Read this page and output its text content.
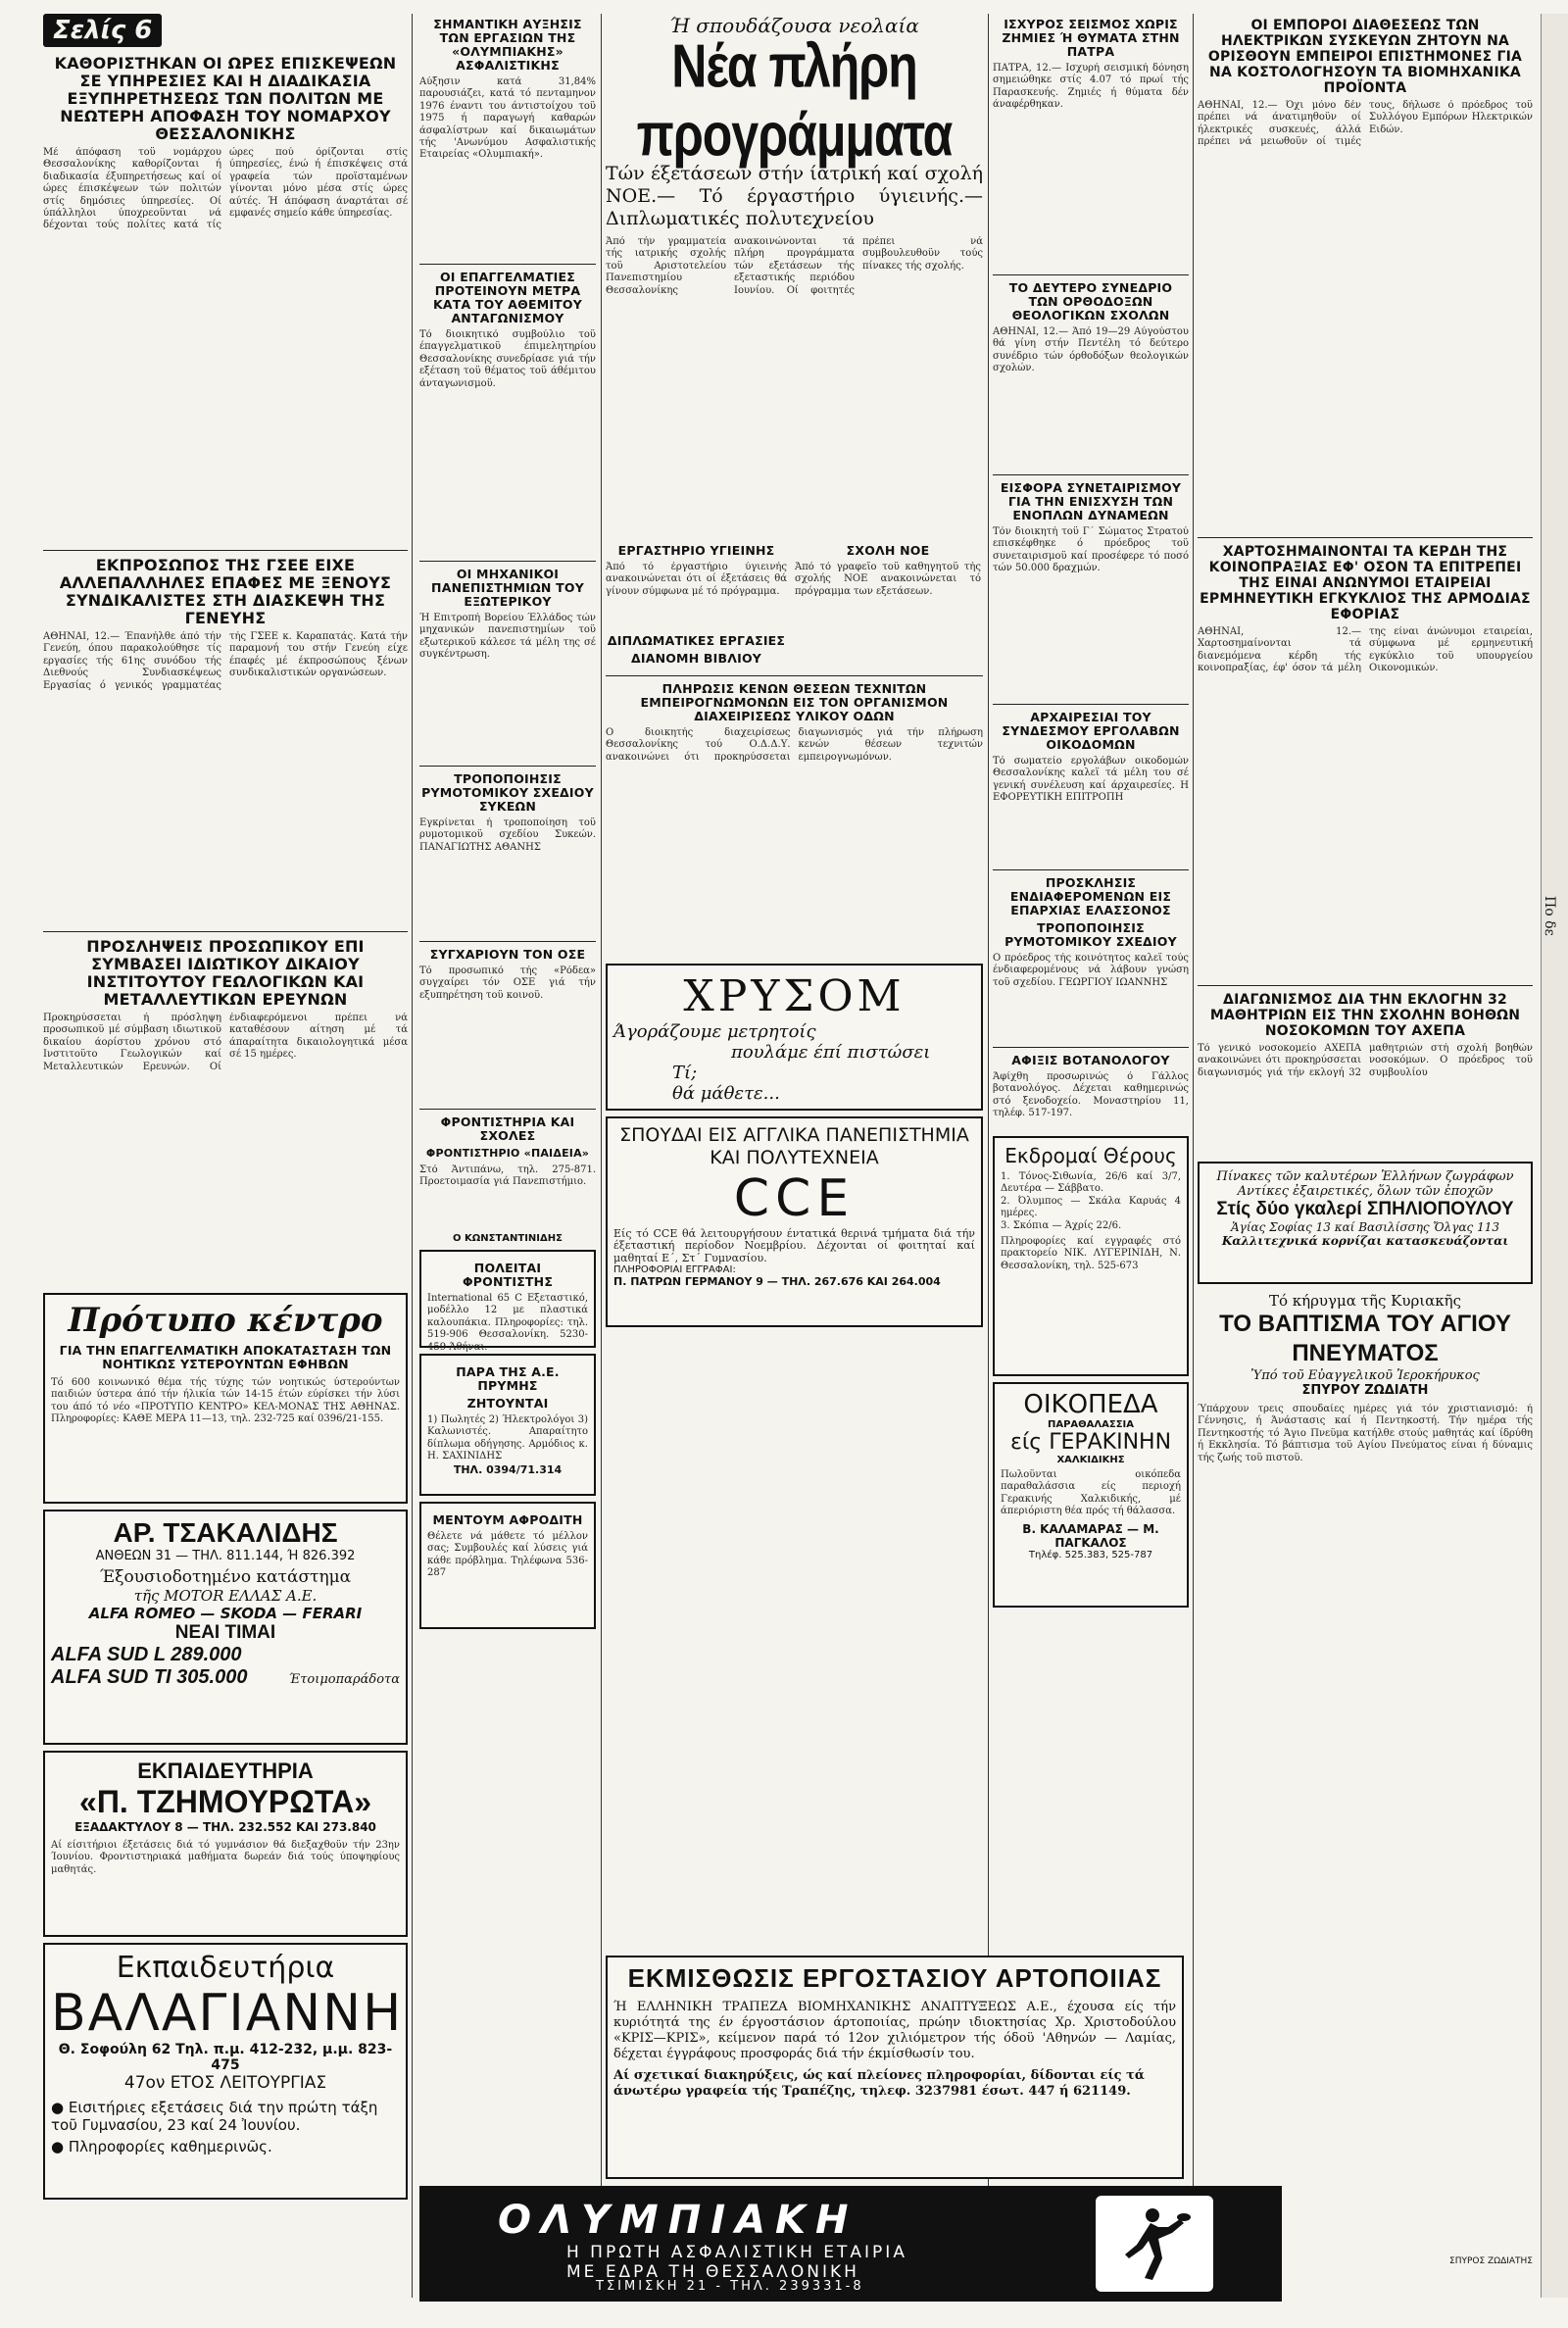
Σελίς 6
ΚΑΘΟΡΙΣΤΗΚΑΝ ΟΙ ΩΡΕΣ ΕΠΙΣΚΕΨΕΩΝ ΣΕ ΥΠΗΡΕΣΙΕΣ ΚΑΙ Η ΔΙΑΔΙΚΑΣΙΑ ΕΞΥΠΗΡΕΤΗΣΕΩΣ ΤΩΝ ΠΟΛΙΤΩΝ ΜΕ ΝΕΩΤΕΡΗ ΑΠΟΦΑΣΗ ΤΟΥ ΝΟΜΑΡΧΟΥ ΘΕΣΣΑΛΟΝΙΚΗΣ
Μέ άπόφαση τοϋ νομάρχου Θεσσαλονίκης καθορίζονται ή διαδικασία έξυπηρετήσεως καί οί ώρες έπισκέψεων τών πολιτών στίς δημόσιες ύπηρεσίες. Οί ύπάλληλοι ύποχρεοϋνται νά δέχονται τούς πολίτες κατά τίς ώρες πού όρίζονται στίς ύπηρεσίες, ένώ ή έπισκέψεις στά γραφεία τών προϊσταμένων γίνονται μόνο μέσα στίς ώρες αύτές. Ή άπόφαση άναρτάται σέ εμφανές σημείο κάθε ύπηρεσίας.
ΕΚΠΡΟΣΩΠΟΣ ΤΗΣ ΓΣΕΕ ΕΙΧΕ ΑΛΛΕΠΑΛΛΗΛΕΣ ΕΠΑΦΕΣ ΜΕ ΞΕΝΟΥΣ ΣΥΝΔΙΚΑΛΙΣΤΕΣ ΣΤΗ ΔΙΑΣΚΕΨΗ ΤΗΣ ΓΕΝΕΥΗΣ
ΑΘΗΝΑΙ, 12.— Έπανήλθε άπό τήν Γενεύη, όπου παρακολούθησε τίς εργασίες τής 61ης συνόδου τής Διεθνούς Συνδιασκέψεως Εργασίας ό γενικός γραμματέας τής ΓΣΕΕ κ. Καραπατάς. Κατά τήν παραμονή του στήν Γενεύη είχε έπαφές μέ έκπροσώπους ξένων συνδικαλιστικών οργανώσεων.
ΠΡΟΣΛΗΨΕΙΣ ΠΡΟΣΩΠΙΚΟΥ ΕΠΙ ΣΥΜΒΑΣΕΙ ΙΔΙΩΤΙΚΟΥ ΔΙΚΑΙΟΥ ΙΝΣΤΙΤΟΥΤΟΥ ΓΕΩΛΟΓΙΚΩΝ ΚΑΙ ΜΕΤΑΛΛΕΥΤΙΚΩΝ ΕΡΕΥΝΩΝ
Προκηρύσσεται ή πρόσληψη προσωπικοϋ μέ σύμβαση ιδιωτικοϋ δικαίου άορίστου χρόνου στό Ινστιτοϋτο Γεωλογικών καί Μεταλλευτικών Ερευνών. Οί ένδιαφερόμενοι πρέπει νά καταθέσουν αίτηση μέ τά άπαραίτητα δικαιολογητικά μέσα σέ 15 ημέρες.
Πρότυπο κέντρο
ΓΙΑ ΤΗΝ ΕΠΑΓΓΕΛΜΑΤΙΚΗ ΑΠΟΚΑΤΑΣΤΑΣΗ ΤΩΝ ΝΟΗΤΙΚΩΣ ΥΣΤΕΡΟΥΝΤΩΝ ΕΦΗΒΩΝ
Τό 600 κοινωνικό θέμα τής τύχης τών νοητικώς ύστερούντων παιδιών ύστερα άπό τήν ήλικία τών 14-15 έτών εύρίσκει τήν λύσι του άπό τό νέο «ΠΡΟΤΥΠΟ ΚΕΝΤΡΟ» ΚΕΛ-ΜΟΝΑΣ ΤΗΣ ΑΘΗΝΑΣ. Πληροφορίες: ΚΑΘΕ ΜΕΡΑ 11—13, τηλ. 232-725 καί 0396/21-155.
ΑΡ. ΤΣΑΚΑΛΙΔΗΣ
ΑΝΘΕΩΝ 31 — ΤΗΛ. 811.144, Ή 826.392
Έξουσιοδοτημένο κατάστημα
τῆς MOTOR ΕΛΛΑΣ Α.Ε.
ALFA ROMEO — SKODA — FERARI
ΝΕΑΙ ΤΙΜΑΙ
ALFA SUD L 289.000
ALFA SUD TI 305.000	Έτοιμοπαράδοτα
ΕΚΠΑΙΔΕΥΤΗΡΙΑ
«Π. ΤΖΗΜΟΥΡΩΤΑ»
ΕΞΑΔΑΚΤΥΛΟΥ 8 — ΤΗΛ. 232.552 ΚΑΙ 273.840
Αί είσιτήριοι έξετάσεις διά τό γυμνάσιον θά διεξαχθοϋν τήν 23ην Ίουνίου. Φροντιστηριακά μαθήματα δωρεάν διά τούς ύποψηφίους μαθητάς.
Εκπαιδευτήρια
ΒΑΛΑΓΙΑΝΝΗ
Θ. Σοφούλη 62 Τηλ. π.μ. 412-232, μ.μ. 823-475
47ον ΕΤΟΣ ΛΕΙΤΟΥΡΓΙΑΣ
● Εισιτήριες εξετάσεις διά την πρώτη τάξη τοῦ Γυμνασίου, 23 καί 24 Ἰουνίου.
● Πληροφορίες καθημερινῶς.
ΣΗΜΑΝΤΙΚΗ ΑΥΞΗΣΙΣ ΤΩΝ ΕΡΓΑΣΙΩΝ ΤΗΣ «ΟΛΥΜΠΙΑΚΗΣ» ΑΣΦΑΛΙΣΤΙΚΗΣ
Αύξησιν κατά 31,84% παρουσιάζει, κατά τό πενταμηνον 1976 έναντι του άντιστοίχου τοϋ 1975 ή παραγωγή καθαρών άσφαλίστρων καί δικαιωμάτων τής 'Ανωνύμου Ασφαλιστικής Εταιρείας «Ολυμπιακή».
ΟΙ ΕΠΑΓΓΕΛΜΑΤΙΕΣ ΠΡΟΤΕΙΝΟΥΝ ΜΕΤΡΑ ΚΑΤΑ ΤΟΥ ΑΘΕΜΙΤΟΥ ΑΝΤΑΓΩΝΙΣΜΟΥ
Τό διοικητικό συμβούλιο τοϋ έπαγγελματικοϋ έπιμελητηρίου Θεσσαλονίκης συνεδρίασε γιά τήν εξέταση τοϋ θέματος τοϋ άθέμιτου άνταγωνισμοϋ.
ΟΙ ΜΗΧΑΝΙΚΟΙ ΠΑΝΕΠΙΣΤΗΜΙΩΝ ΤΟΥ ΕΞΩΤΕΡΙΚΟΥ
Ή Επιτροπή Βορείου Έλλάδος τών μηχανικών πανεπιστημίων τοϋ εξωτερικοϋ κάλεσε τά μέλη της σέ συγκέντρωση.
ΤΡΟΠΟΠΟΙΗΣΙΣ ΡΥΜΟΤΟΜΙΚΟΥ ΣΧΕΔΙΟΥ ΣΥΚΕΩΝ
Εγκρίνεται ή τροποποίηση τοϋ ρυμοτομικοϋ σχεδίου Συκεών. ΠΑΝΑΓΙΩΤΗΣ ΑΘΑΝΗΣ
ΣΥΓΧΑΡΙΟΥΝ ΤΟΝ ΟΣΕ
Τό προσωπικό τής «Ρόδεα» συγχαίρει τόν ΟΣΕ γιά τήν εξυπηρέτηση τοϋ κοινοϋ.
ΦΡΟΝΤΙΣΤΗΡΙΑ ΚΑΙ ΣΧΟΛΕΣ
ΦΡΟΝΤΙΣΤΗΡΙΟ «ΠΑΙΔΕΙΑ»
Στό Άντιπάνω, τηλ. 275-871. Προετοιμασία γιά Πανεπιστήμιο.
Ο ΚΩΝΣΤΑΝΤΙΝΙΔΗΣ
ΠΟΛΕΙΤΑΙ ΦΡΟΝΤΙΣΤΗΣ
International 65 C Εξεταστικό, μοδέλλο 12 με πλαστικά καλουπάκια. Πληροφορίες: τηλ. 519-906 Θεσσαλονίκη. 5230-459 Άθήναι.
ΠΑΡΑ ΤΗΣ Α.Ε. ΠΡΥΜΗΣ
ΖΗΤΟΥΝΤΑΙ
1) Πωλητές 2) Ήλεκτρολόγοι 3) Καλωνιστές. Απαραίτητο δίπλωμα οδήγησης. Αρμόδιος κ. Η. ΣΑΧΙΝΙΔΗΣ
ΤΗΛ. 0394/71.314
ΜΕΝΤΟΥΜ ΑΦΡΟΔΙΤΗ
Θέλετε νά μάθετε τό μέλλον σας; Συμβουλές καί λύσεις γιά κάθε πρόβλημα. Τηλέφωνα 536-287
Ή σπουδάζουσα νεολαία
Νέα πλήρη προγράμματα
Τών έξετάσεων στήν ίατρική καί σχολή ΝΟΕ.— Τό έργαστήριο ύγιεινής.— Διπλωματικές πολυτεχνείου
Άπό τήν γραμματεία τής ιατρικής σχολής τοϋ Αριστοτελείου Πανεπιστημίου Θεσσαλονίκης ανακοινώνονται τά πλήρη προγράμματα τών εξετάσεων τής εξεταστικής περιόδου Ιουνίου. Οί φοιτητές πρέπει νά συμβουλευθοϋν τούς πίνακες τής σχολής.
ΕΡΓΑΣΤΗΡΙΟ ΥΓΙΕΙΝΗΣ
Άπό τό έργαστήριο ύγιεινής ανακοινώνεται ότι οί έξετάσεις θά γίνουν σύμφωνα μέ τό πρόγραμμα.
ΔΙΠΛΩΜΑΤΙΚΕΣ ΕΡΓΑΣΙΕΣ
ΔΙΑΝΟΜΗ ΒΙΒΛΙΟΥ
ΣΧΟΛΗ ΝΟΕ
Άπό τό γραφεϊο τοϋ καθηγητοϋ τής σχολής ΝΟΕ ανακοινώνεται τό πρόγραμμα των εξετάσεων.
ΠΛΗΡΩΣΙΣ ΚΕΝΩΝ ΘΕΣΕΩΝ ΤΕΧΝΙΤΩΝ ΕΜΠΕΙΡΟΓΝΩΜΟΝΩΝ ΕΙΣ ΤΟΝ ΟΡΓΑΝΙΣΜΟΝ ΔΙΑΧΕΙΡΙΣΕΩΣ ΥΛΙΚΟΥ ΟΔΩΝ
Ο διοικητής διαχειρίσεως Θεσσαλονίκης τού Ο.Δ.Δ.Υ. ανακοινώνει ότι προκηρύσσεται διαγωνισμός γιά τήν πλήρωση κενών θέσεων τεχνιτών εμπειρογνωμόνων.
ΧΡΥΣΟΜ
Άγοράζουμε μετρητοίς
πουλάμε έπί πιστώσει
Τί;
θά μάθετε...
ΣΠΟΥΔΑΙ ΕΙΣ ΑΓΓΛΙΚΑ ΠΑΝΕΠΙΣΤΗΜΙΑ ΚΑΙ ΠΟΛΥΤΕΧΝΕΙΑ
CCE
Είς τό CCE θά λειτουργήσουν έντατικά θερινά τμήματα διά τήν έξεταστική περίοδον Νοεμβρίου. Δέχονται οί φοιτηταί καί μαθηταί Ε΄, Στ΄ Γυμνασίου.
ΠΛΗΡΟΦΟΡΙΑΙ ΕΓΓΡΑΦΑΙ:
Π. ΠΑΤΡΩΝ ΓΕΡΜΑΝΟΥ 9 — ΤΗΛ. 267.676 ΚΑΙ 264.004
ΕΚΜΙΣΘΩΣΙΣ ΕΡΓΟΣΤΑΣΙΟΥ ΑΡΤΟΠΟΙΙΑΣ
Ή ΕΛΛΗΝΙΚΗ ΤΡΑΠΕΖΑ ΒΙΟΜΗΧΑΝΙΚΗΣ ΑΝΑΠΤΥΞΕΩΣ Α.Ε., έχουσα είς τήν κυριότητά της έν έργοστάσιον άρτοποιίας, πρώην ιδιοκτησίας Χρ. Χριστοδούλου «ΚΡΙΣ—ΚΡΙΣ», κείμενον παρά τό 12ον χιλιόμετρον τής όδοϋ 'Αθηνών — Λαμίας, δέχεται έγγράφους προσφοράς διά τήν έκμίσθωσίν του.
Αί σχετικαί διακηρύξεις, ώς καί πλείονες πληροφορίαι, δίδονται είς τά άνωτέρω γραφεία τής Τραπέζης, τηλεφ. 3237981 έσωτ. 447 ή 621149.
ΙΣΧΥΡΟΣ ΣΕΙΣΜΟΣ ΧΩΡΙΣ ΖΗΜΙΕΣ Ή ΘΥΜΑΤΑ ΣΤΗΝ ΠΑΤΡΑ
ΠΑΤΡΑ, 12.— Ισχυρή σεισμική δόνηση σημειώθηκε στίς 4.07 τό πρωί τής Παρασκευής. Ζημιές ή θύματα δέν άναφέρθηκαν.
ΤΟ ΔΕΥΤΕΡΟ ΣΥΝΕΔΡΙΟ ΤΩΝ ΟΡΘΟΔΟΞΩΝ ΘΕΟΛΟΓΙΚΩΝ ΣΧΟΛΩΝ
ΑΘΗΝΑΙ, 12.— Άπό 19—29 Αύγούστου θά γίνη στήν Πεντέλη τό δεύτερο συνέδριο τών όρθοδόξων θεολογικών σχολών.
ΕΙΣΦΟΡΑ ΣΥΝΕΤΑΙΡΙΣΜΟΥ ΓΙΑ ΤΗΝ ΕΝΙΣΧΥΣΗ ΤΩΝ ΕΝΟΠΛΩΝ ΔΥΝΑΜΕΩΝ
Τόν διοικητή τοϋ Γ΄ Σώματος Στρατού επισκέφθηκε ό πρόεδρος τοϋ συνεταιρισμοϋ καί προσέφερε τό ποσό τών 50.000 δραχμών.
ΑΡΧΑΙΡΕΣΙΑΙ ΤΟΥ ΣΥΝΔΕΣΜΟΥ ΕΡΓΟΛΑΒΩΝ ΟΙΚΟΔΟΜΩΝ
Τό σωματείο εργολάβων οικοδομών Θεσσαλονίκης καλεϊ τά μέλη του σέ γενική συνέλευση καί άρχαιρεσίες. Η ΕΦΟΡΕΥΤΙΚΗ ΕΠΙΤΡΟΠΗ
ΠΡΟΣΚΛΗΣΙΣ ΕΝΔΙΑΦΕΡΟΜΕΝΩΝ ΕΙΣ ΕΠΑΡΧΙΑΣ ΕΛΑΣΣΟΝΟΣ
ΤΡΟΠΟΠΟΙΗΣΙΣ ΡΥΜΟΤΟΜΙΚΟΥ ΣΧΕΔΙΟΥ
Ο πρόεδρος τής κοινότητος καλεϊ τούς ένδιαφερομένους νά λάβουν γνώση τοϋ σχεδίου. ΓΕΩΡΓΙΟΥ ΙΩΑΝΝΗΣ
ΑΦΙΞΙΣ ΒΟΤΑΝΟΛΟΓΟΥ
Άφίχθη προσωρινώς ό Γάλλος βοτανολόγος. Δέχεται καθημερινώς στό ξενοδοχείο. Μοναστηρίου 11, τηλέφ. 517-197.
Εκδρομαί Θέρους
1. Τόνος-Σιθωνία, 26/6 καί 3/7, Δευτέρα — Σάββατο.
2. Όλυμπος — Σκάλα Καρυάς 4 ημέρες.
3. Σκόπια — Άχρίς 22/6.
Πληροφορίες καί εγγραφές στό πρακτορείο ΝΙΚ. ΛΥΓΕΡΙΝΙΔΗ, Ν. Θεσσαλονίκη, τηλ. 525-673
ΟΙΚΟΠΕΔΑ
ΠΑΡΑΘΑΛΑΣΣΙΑ
είς ΓΕΡΑΚΙΝΗΝ
ΧΑΛΚΙΔΙΚΗΣ
Πωλοϋνται οικόπεδα παραθαλάσσια είς περιοχή Γερακινής Χαλκιδικής, μέ άπεριόριστη θέα πρός τή θάλασσα.
Β. ΚΑΛΑΜΑΡΑΣ — Μ. ΠΑΓΚΑΛΟΣ
Τηλέφ. 525.383, 525-787
ΟΙ ΕΜΠΟΡΟΙ ΔΙΑΘΕΣΕΩΣ ΤΩΝ ΗΛΕΚΤΡΙΚΩΝ ΣΥΣΚΕΥΩΝ ΖΗΤΟΥΝ ΝΑ ΟΡΙΣΘΟΥΝ ΕΜΠΕΙΡΟΙ ΕΠΙΣΤΗΜΟΝΕΣ ΓΙΑ ΝΑ ΚΟΣΤΟΛΟΓΗΣΟΥΝ ΤΑ ΒΙΟΜΗΧΑΝΙΚΑ ΠΡΟΪΟΝΤΑ
ΑΘΗΝΑΙ, 12.— Όχι μόνο δέν πρέπει νά άνατιμηθοϋν οί ήλεκτρικές συσκευές, άλλά πρέπει νά μειωθοϋν οί τιμές τους, δήλωσε ό πρόεδρος τοϋ Συλλόγου Εμπόρων Ηλεκτρικών Ειδών.
ΧΑΡΤΟΣΗΜΑΙΝΟΝΤΑΙ ΤΑ ΚΕΡΔΗ ΤΗΣ ΚΟΙΝΟΠΡΑΞΙΑΣ ΕΦ' ΟΣΟΝ ΤΑ ΕΠΙΤΡΕΠΕΙ ΤΗΣ ΕΙΝΑΙ ΑΝΩΝΥΜΟΙ ΕΤΑΙΡΕΙΑΙ ΕΡΜΗΝΕΥΤΙΚΗ ΕΓΚΥΚΛΙΟΣ ΤΗΣ ΑΡΜΟΔΙΑΣ ΕΦΟΡΙΑΣ
ΑΘΗΝΑΙ, 12.— Χαρτοσημαίνονται τά διανεμόμενα κέρδη τής κοινοπραξίας, έφ' όσον τά μέλη της είναι άνώνυμοι εταιρείαι, σύμφωνα μέ ερμηνευτική εγκύκλιο τοϋ υπουργείου Οικονομικών.
ΔΙΑΓΩΝΙΣΜΟΣ ΔΙΑ ΤΗΝ ΕΚΛΟΓΗΝ 32 ΜΑΘΗΤΡΙΩΝ ΕΙΣ ΤΗΝ ΣΧΟΛΗΝ ΒΟΗΘΩΝ ΝΟΣΟΚΟΜΩΝ ΤΟΥ ΑΧΕΠΑ
Τό γενικό νοσοκομείο ΑΧΕΠΑ ανακοινώνει ότι προκηρύσσεται διαγωνισμός γιά τήν εκλογή 32 μαθητριών στή σχολή βοηθών νοσοκόμων. Ο πρόεδρος τοϋ συμβουλίου
Πίνακες τῶν καλυτέρων Ἑλλήνων ζωγράφων
Αντίκες ἐξαιρετικές, ὅλων τῶν ἐποχῶν
Στίς δύο γκαλερί ΣΠΗΛΙΟΠΟΥΛΟΥ
Ἁγίας Σοφίας 13 καί Βασιλίσσης Ὄλγας 113
Καλλιτεχνικά κορνίζαι κατασκευάζονται
Τό κήρυγμα τῆς Κυριακῆς
ΤΟ ΒΑΠΤΙΣΜΑ ΤΟΥ ΑΓΙΟΥ ΠΝΕΥΜΑΤΟΣ
Ὑπό τοῦ Εὐαγγελικοῦ Ἱεροκήρυκος
ΣΠΥΡΟΥ ΖΩΔΙΑΤΗ
Ύπάρχουν τρεις σπουδαίες ημέρες γιά τόν χριστιανισμό: ή Γέννησις, ή Άνάστασις καί ή Πεντηκοστή. Τήν ημέρα τής Πεντηκοστής τό Άγιο Πνεϋμα κατήλθε στούς μαθητάς καί ίδρύθη ή Εκκλησία. Τό βάπτισμα τοϋ Αγίου Πνεύματος είναι ή δύναμις τής ζωής τοϋ πιστοϋ.
ΣΠΥΡΟΣ ΖΩΔΙΑΤΗΣ
ΟΛΥΜΠΙΑΚΗ
Η ΠΡΩΤΗ ΑΣΦΑΛΙΣΤΙΚΗ ΕΤΑΙΡΙΑ
ΜΕ ΕΔΡΑ ΤΗ ΘΕΣΣΑΛΟΝΙΚΗ
ΤΣΙΜΙΣΚΗ 21 - ΤΗΛ. 239331-8
Πο δε
